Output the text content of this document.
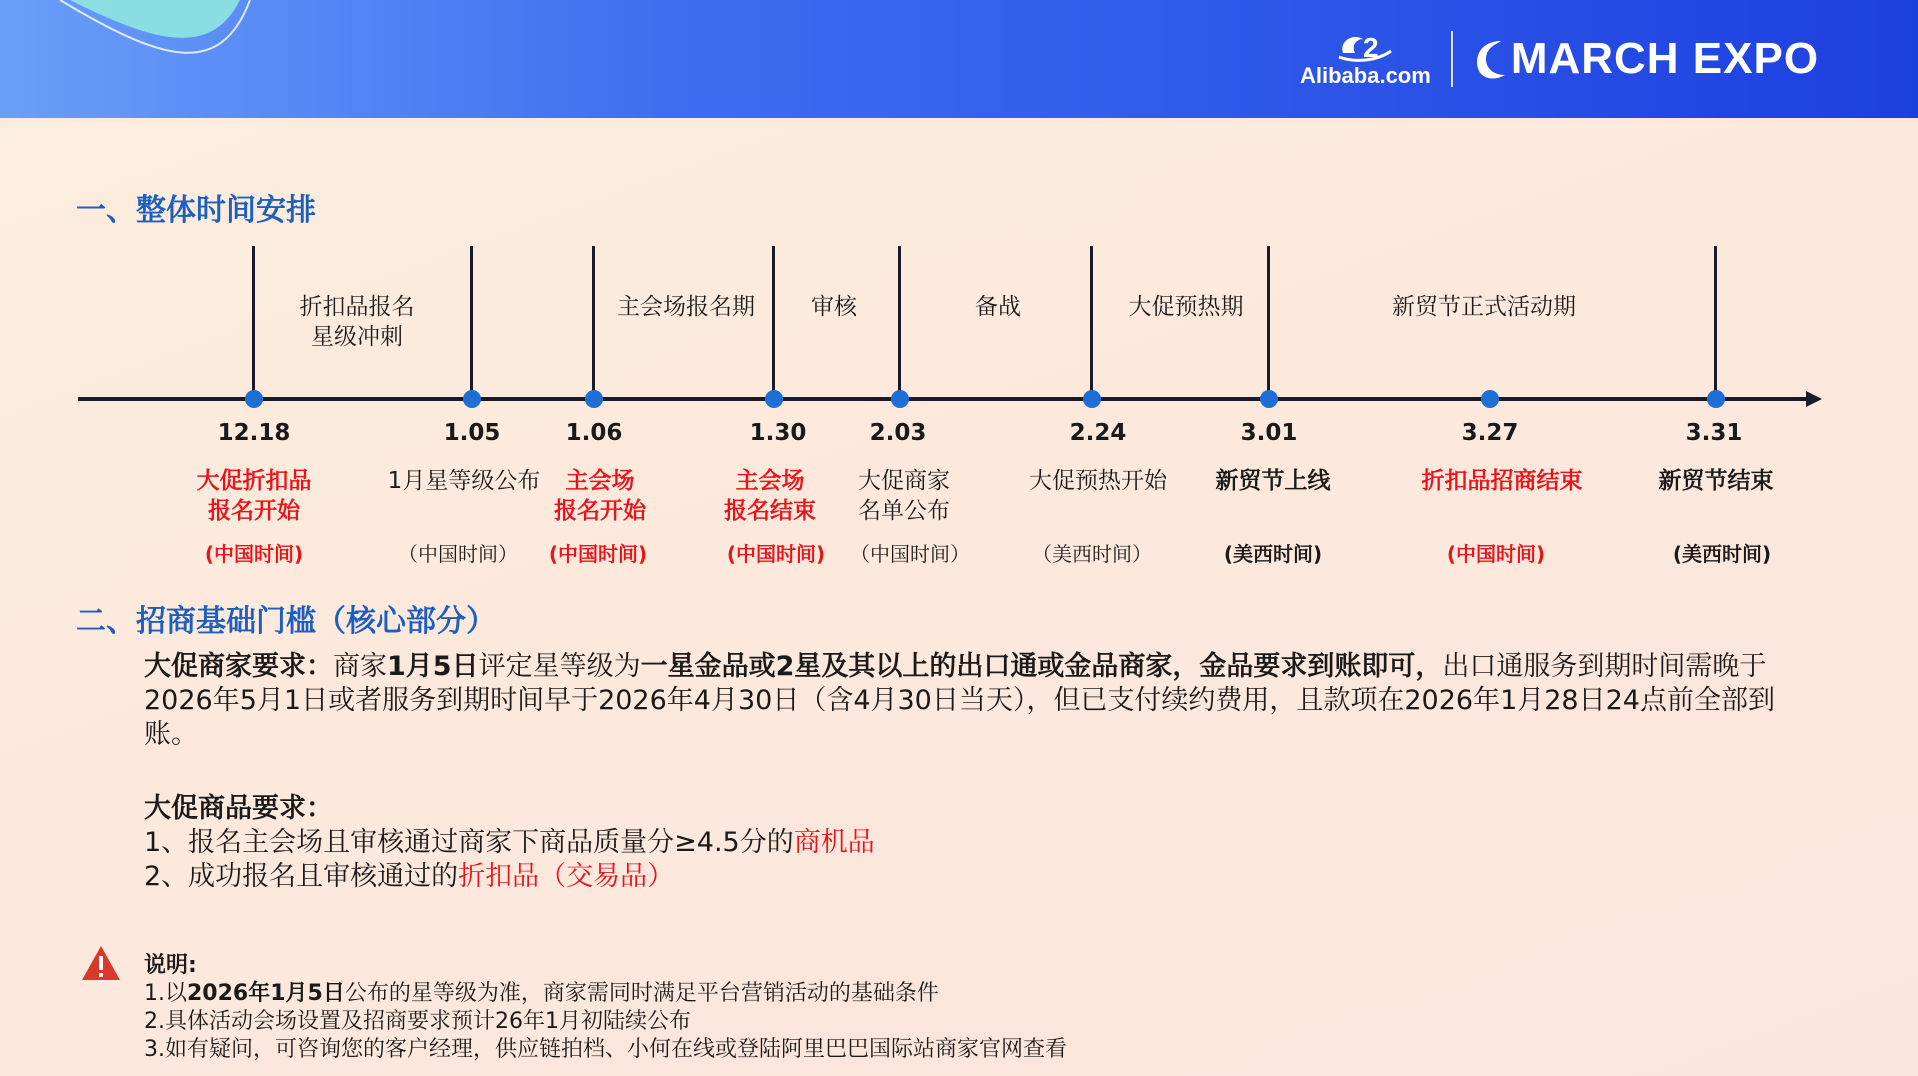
2
Alibaba.com MARCH EXPO
一、整体时间安排
折扣品报名
星级冲刺
主会场报名期 审核	备战	大促预热期	新贸节正式活动期
12.18
大促折扣品
报名开始
(中国时间)
1.05
1月星等级公布
（中国时间）
1.06
主会场
报名开始
(中国时间)
1.30
主会场
报名结束
(中国时间)
2.03
大促商家
名单公布
（中国时间）
2.24
大促预热开始
（美西时间）
3.01
新贸节上线
(美西时间)
3.27
折扣品招商结束
(中国时间)
3.31
新贸节结束
(美西时间)
二、招商基础门槛（核心部分）
大促商家要求：商家1月5日评定星等级为一星金品或2星及其以上的出口通或金品商家，金品要求到账即可，出口通服务到期时间需晚于2026年5月1日或者服务到期时间早于2026年4月30日（含4月30日当天），但已支付续约费用，且款项在2026年1月28日24点前全部到账。
大促商品要求：
1、报名主会场且审核通过商家下商品质量分≥4.5分的商机品
2、成功报名且审核通过的折扣品（交易品）
说明:
1.以2026年1月5日公布的星等级为准，商家需同时满足平台营销活动的基础条件
2.具体活动会场设置及招商要求预计26年1月初陆续公布
3.如有疑问，可咨询您的客户经理，供应链拍档、小何在线或登陆阿里巴巴国际站商家官网查看
